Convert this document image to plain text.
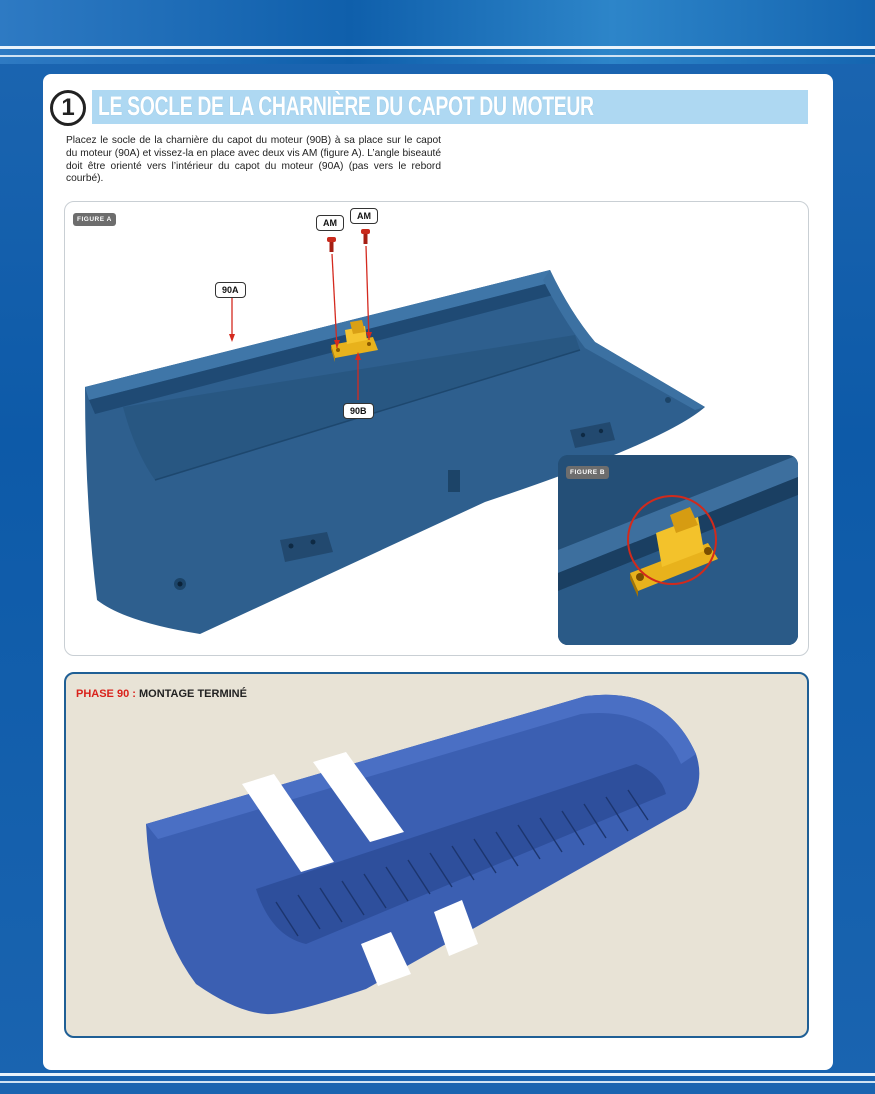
1 LE SOCLE DE LA CHARNIÈRE DU CAPOT DU MOTEUR
Placez le socle de la charnière du capot du moteur (90B) à sa place sur le capot du moteur (90A) et vissez-la en place avec deux vis AM (figure A). L’angle biseauté doit être orienté vers l’intérieur du capot du moteur (90A) (pas vers le rebord courbé).
FIGURE A	AM
AM
90A
90B
FIGURE B
PHASE 90 : MONTAGE TERMINÉ
